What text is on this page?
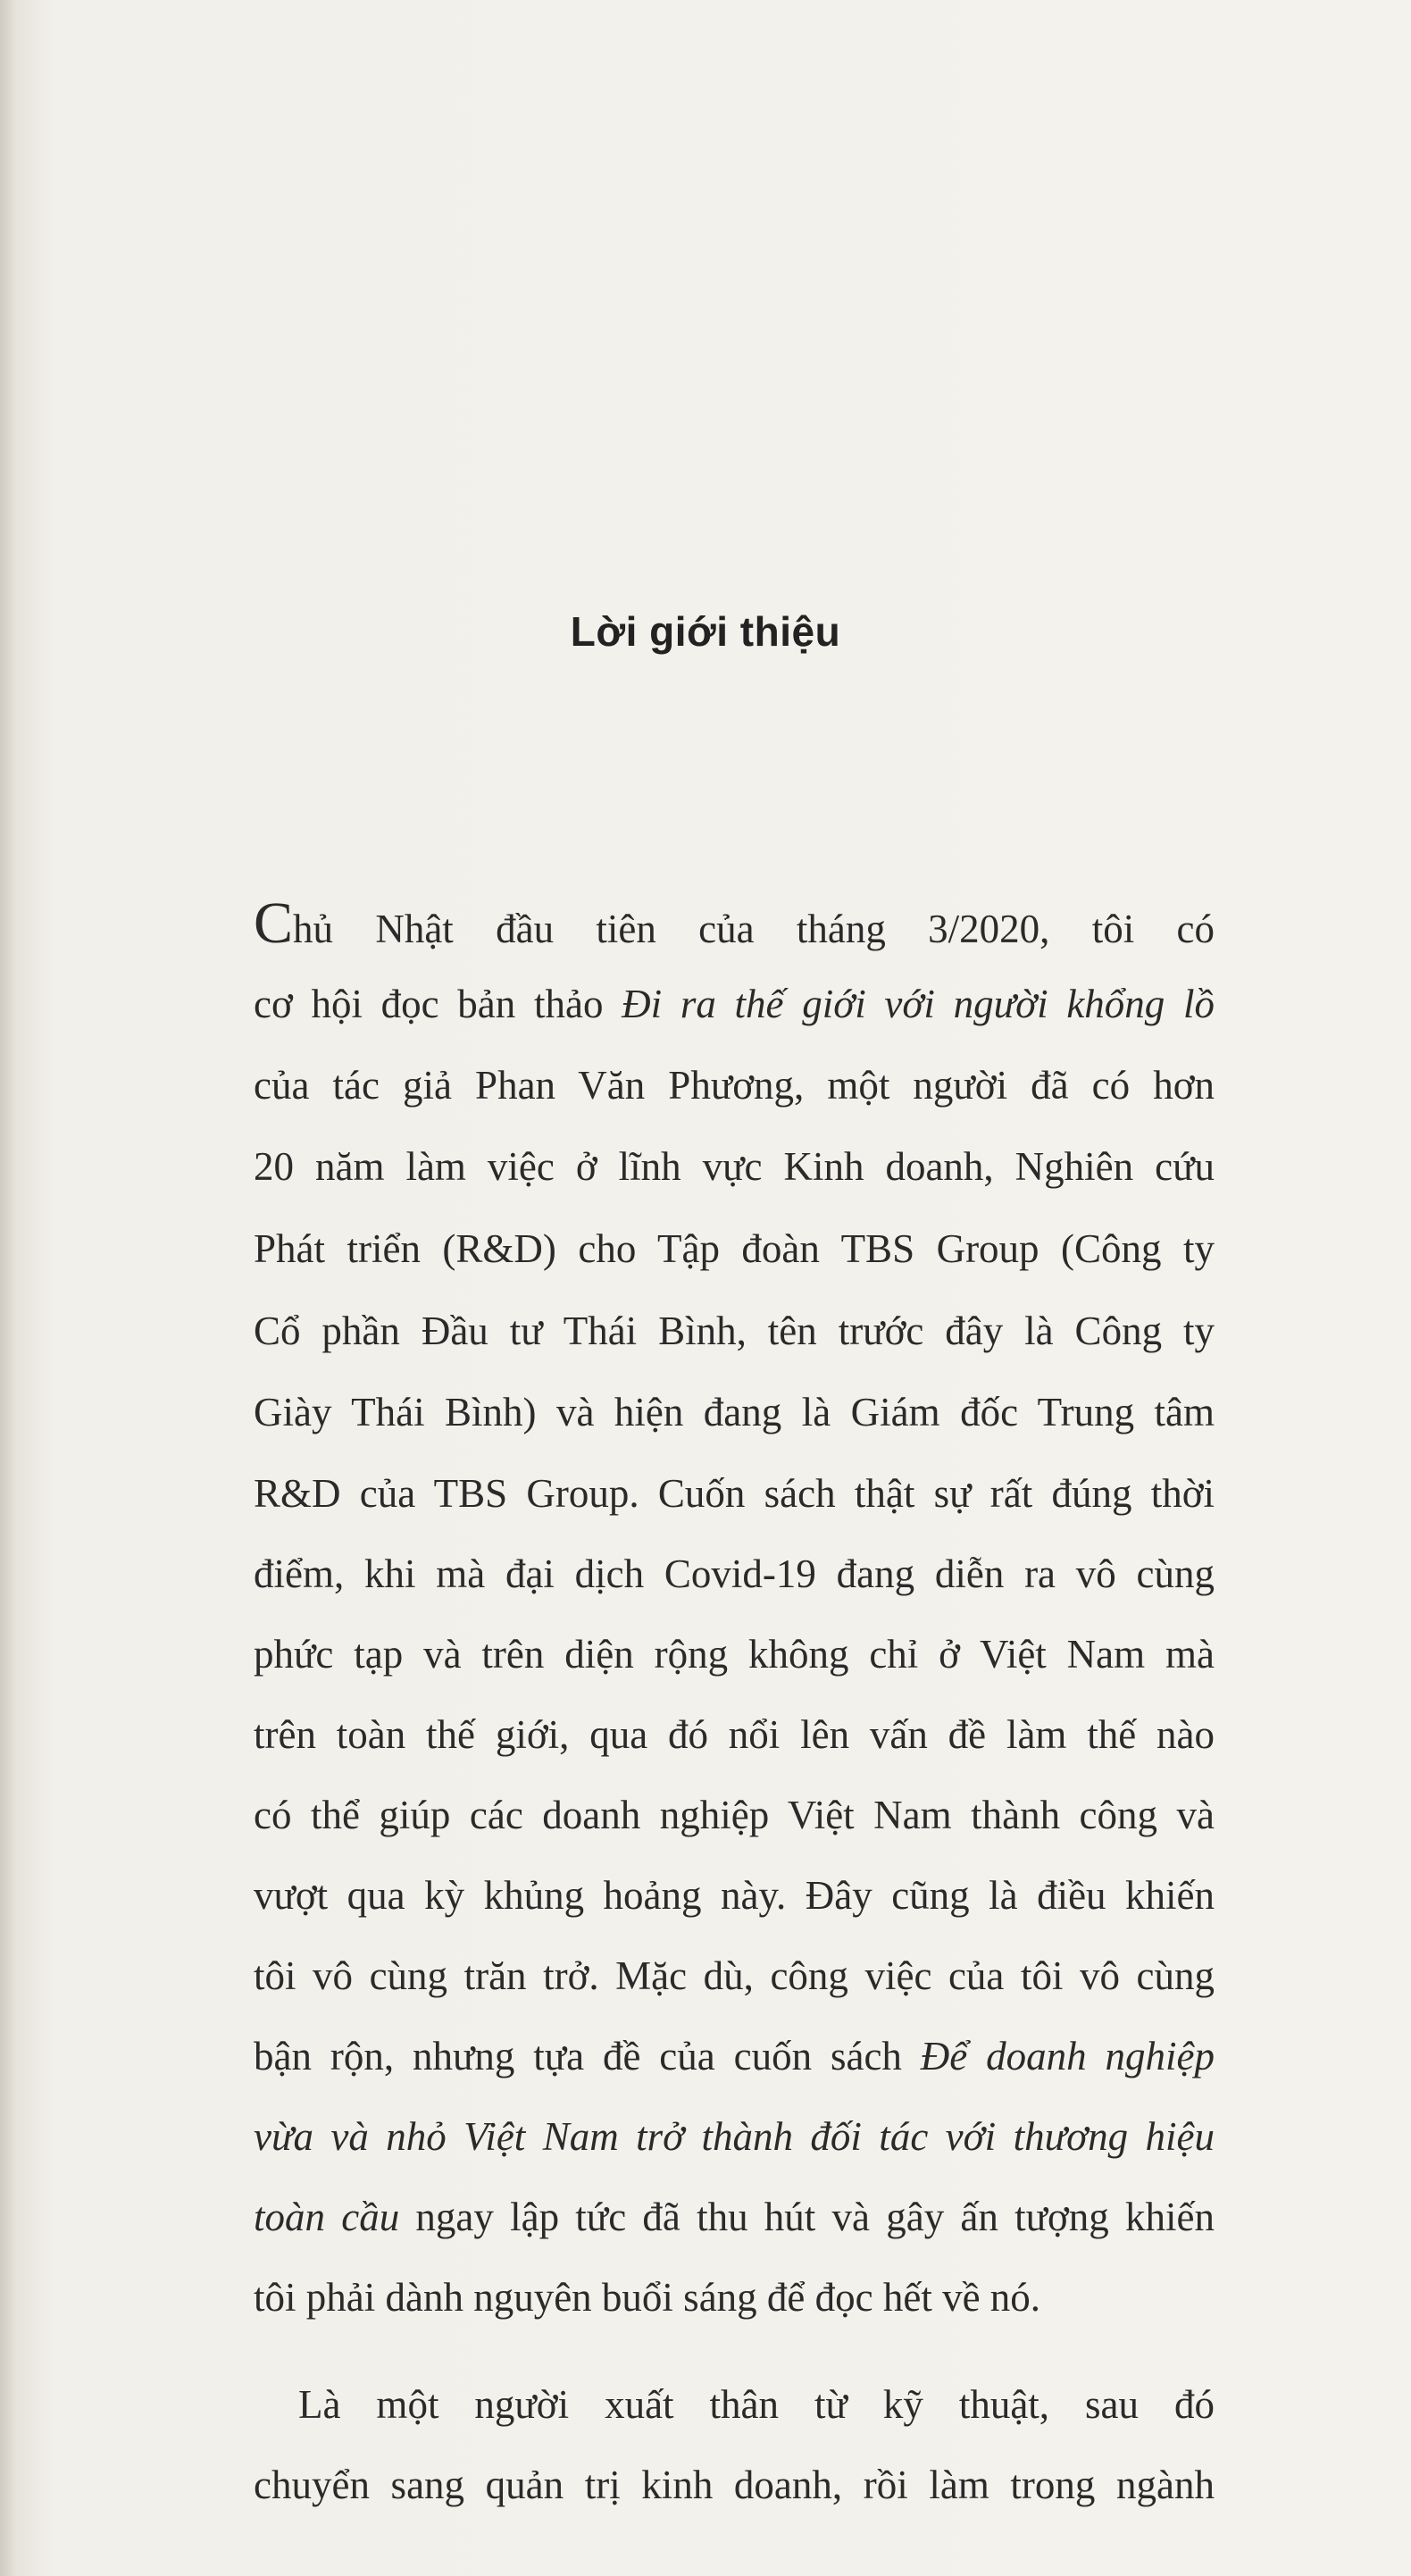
Lời giới thiệu
Chủ Nhật đầu tiên của tháng 3/2020, tôi có
cơ hội đọc bản thảo Đi ra thế giới với người khổng lồ
của tác giả Phan Văn Phương, một người đã có hơn
20 năm làm việc ở lĩnh vực Kinh doanh, Nghiên cứu
Phát triển (R&D) cho Tập đoàn TBS Group (Công ty
Cổ phần Đầu tư Thái Bình, tên trước đây là Công ty
Giày Thái Bình) và hiện đang là Giám đốc Trung tâm
R&D của TBS Group. Cuốn sách thật sự rất đúng thời
điểm, khi mà đại dịch Covid-19 đang diễn ra vô cùng
phức tạp và trên diện rộng không chỉ ở Việt Nam mà
trên toàn thế giới, qua đó nổi lên vấn đề làm thế nào
có thể giúp các doanh nghiệp Việt Nam thành công và
vượt qua kỳ khủng hoảng này. Đây cũng là điều khiến
tôi vô cùng trăn trở. Mặc dù, công việc của tôi vô cùng
bận rộn, nhưng tựa đề của cuốn sách Để doanh nghiệp
vừa và nhỏ Việt Nam trở thành đối tác với thương hiệu
toàn cầu ngay lập tức đã thu hút và gây ấn tượng khiến
tôi phải dành nguyên buổi sáng để đọc hết về nó.
Là một người xuất thân từ kỹ thuật, sau đó
chuyển sang quản trị kinh doanh, rồi làm trong ngành
